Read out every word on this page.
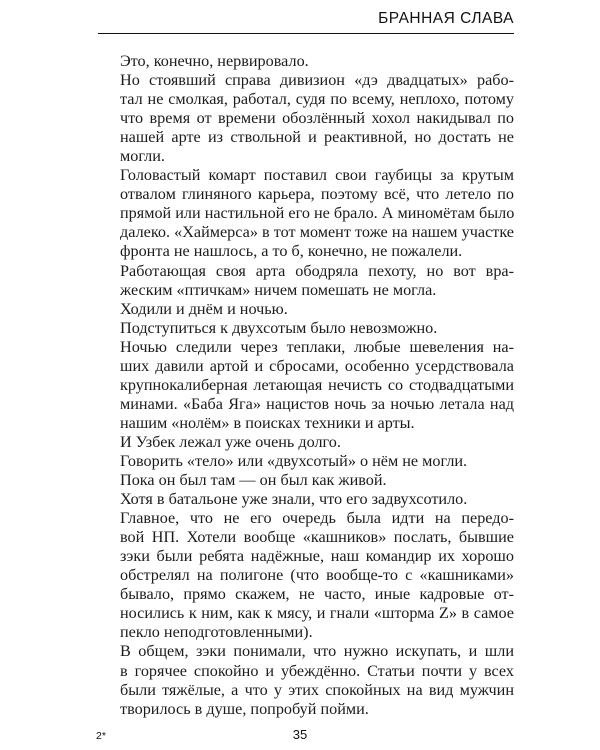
БРАННАЯ СЛАВА

Это, конечно, нервировало.

Но стоявший справа дивизион «дэ двадцатых» рабо-
тал не смолкая, работал, судя по всему, неплохо, потому
что время от времени обозлённый хохол накидывал по
нашей арте из ствольной и реактивной, но достать не
могли.

Головастый комарт поставил свои гаубицы за крутым
отвалом глиняного карьера, поэтому всё, что летело по
прямой или настильной его не брало. А миномётам было
далеко. «Хаймерса» в тот момент тоже на нашем участке
фронта не нашлось, а то б, конечно, не пожалели.

Работающая своя арта ободряла пехоту, но вот вра-
жеским «птичкам» ничем помешать не могла.

Ходили и днём и ночью.

Подступиться к двухсотым было невозможно.

Ночью следили через теплаки, любые шевеления на-
ших давили артой и сбросами, особенно усердствовала
крупнокалиберная летающая нечисть со стодвадцатыми
минами. «Баба Яга» нацистов ночь за ночью летала над
нашим «нолём» в поисках техники и арты.

И Узбек лежал уже очень долго.

Говорить «тело» или «двухсотый» о нём не могли.

Пока он был там — он был как живой.

Хотя в батальоне уже знали, что его задвухсотило.

Главное, что не его очередь была идти на передо-
вой НП. Хотели вообще «кашников» послать, бывшие
зэки были ребята надёжные, наш командир их хорошо
обстрелял на полигоне (что вообще-то с «кашниками»
бывало, прямо скажем, не часто, иные кадровые от-
носились к ним, как к мясу, и гнали «шторма Z» в самое
пекло неподготовленными).

В общем, зэки понимали, что нужно искупать, и шли
в горячее спокойно и убеждённо. Статьи почти у всех
были тяжёлые, а что у этих спокойных на вид мужчин
творилось в душе, попробуй пойми.

2*	35
